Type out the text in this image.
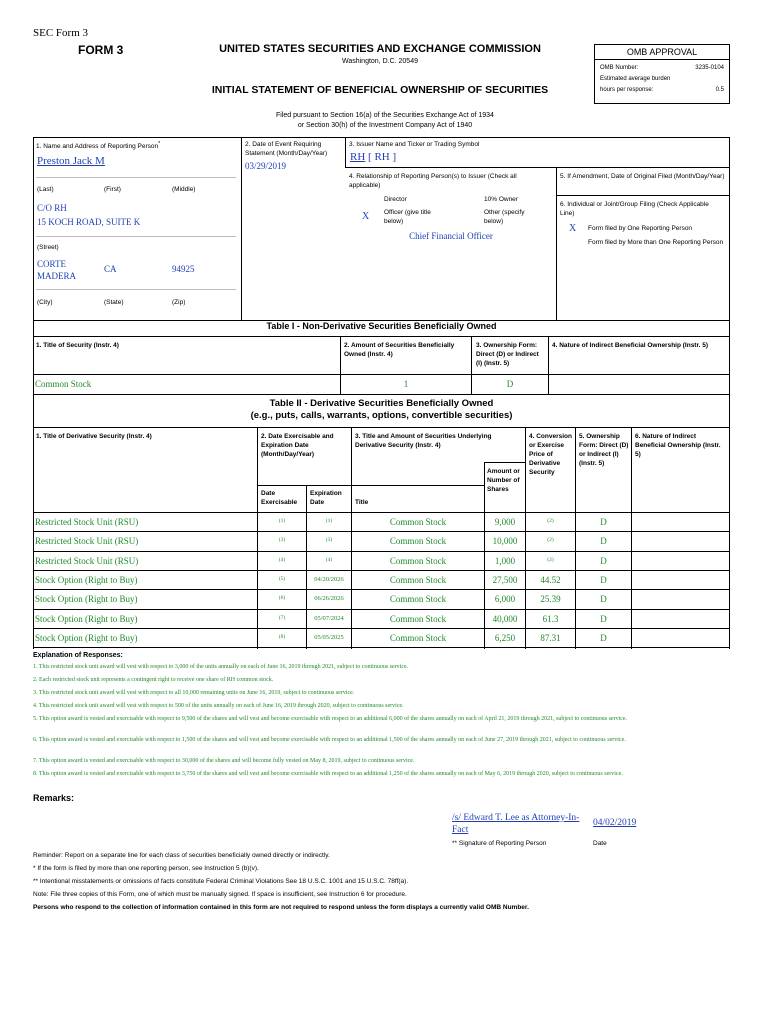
SEC Form 3
FORM 3	UNITED STATES SECURITIES AND EXCHANGE COMMISSION
Washington, D.C. 20549
INITIAL STATEMENT OF BENEFICIAL OWNERSHIP OF SECURITIES
Filed pursuant to Section 16(a) of the Securities Exchange Act of 1934
or Section 30(h) of the Investment Company Act of 1940
OMB APPROVAL
OMB Number:	3235-0104
Estimated average burden
hours per response:	0.5
1. Name and Address of Reporting Person*
Preston Jack M
(Last)	(First)	(Middle)
C/O RH
15 KOCH ROAD, SUITE K
(Street)
CORTE MADERA
CA	94925
(City)	(State)	(Zip)
2. Date of Event Requiring Statement (Month/Day/Year)
03/29/2019
3. Issuer Name and Ticker or Trading Symbol
RH [ RH ]
4. Relationship of Reporting Person(s) to Issuer (Check all applicable)
Director	10% Owner
X Officer (give title below)
Other (specify below)
Chief Financial Officer
5. If Amendment, Date of Original Filed (Month/Day/Year)
6. Individual or Joint/Group Filing (Check Applicable Line)
X Form filed by One Reporting Person
Form filed by More than One Reporting Person
Table I - Non-Derivative Securities Beneficially Owned
1. Title of Security (Instr. 4)	2. Amount of Securities Beneficially Owned (Instr. 4)
3. Ownership Form: Direct (D) or Indirect (I) (Instr. 5)
4. Nature of Indirect Beneficial Ownership (Instr. 5)
Common Stock	1	D
Table II - Derivative Securities Beneficially Owned
(e.g., puts, calls, warrants, options, convertible securities)
1. Title of Derivative Security (Instr. 4)	2. Date Exercisable and Expiration Date (Month/Day/Year)
3. Title and Amount of Securities Underlying Derivative Security (Instr. 4)
4. Conversion or Exercise Price of Derivative Security
5. Ownership Form: Direct (D) or Indirect (I) (Instr. 5)
6. Nature of Indirect Beneficial Ownership (Instr. 5)
Date Exercisable
Expiration Date	Title
Amount or Number of Shares
Restricted Stock Unit (RSU)	(1)	(1)	Common Stock	9,000	(2)	D
Restricted Stock Unit (RSU)	(3)	(3)	Common Stock	10,000	(2)	D
Restricted Stock Unit (RSU)	(4)	(4)	Common Stock	1,000	(2)	D
Stock Option (Right to Buy)	(5)	04/20/2026	Common Stock	27,500	44.52	D
Stock Option (Right to Buy)	(6)	06/26/2026	Common Stock	6,000	25.39	D
Stock Option (Right to Buy)	(7)	05/07/2024	Common Stock	40,000	61.3	D
Stock Option (Right to Buy)	(8)	05/05/2025	Common Stock	6,250	87.31	D
Explanation of Responses:
1. This restricted stock unit award will vest with respect to 3,000 of the units annually on each of June 16, 2019 through 2021, subject to continuous service.
2. Each restricted stock unit represents a contingent right to receive one share of RH common stock.
3. This restricted stock unit award will vest with respect to all 10,000 remaining units on June 16, 2019, subject to continuous service.
4. This restricted stock unit award will vest with respect to 500 of the units annually on each of June 16, 2019 through 2020, subject to continuous service.
5. This option award is vested and exercisable with respect to 9,500 of the shares and will vest and become exercisable with respect to an additional 6,000 of the shares annually on each of April 21, 2019 through 2021, subject to continuous service.
6. This option award is vested and exercisable with respect to 1,500 of the shares and will vest and become exercisable with respect to an additional 1,500 of the shares annually on each of June 27, 2019 through 2021, subject to continuous service.
7. This option award is vested and exercisable with respect to 30,000 of the shares and will become fully vested on May 8, 2019, subject to continuous service.
8. This option award is vested and exercisable with respect to 3,750 of the shares and will vest and become exercisable with respect to an additional 1,250 of the shares annually on each of May 6, 2019 through 2020, subject to continuous service.
Remarks:
/s/ Edward T. Lee as Attorney-In-Fact
04/02/2019
** Signature of Reporting Person	Date
Reminder: Report on a separate line for each class of securities beneficially owned directly or indirectly.
* If the form is filed by more than one reporting person, see Instruction 5 (b)(v).
** Intentional misstatements or omissions of facts constitute Federal Criminal Violations See 18 U.S.C. 1001 and 15 U.S.C. 78ff(a).
Note: File three copies of this Form, one of which must be manually signed. If space is insufficient, see Instruction 6 for procedure.
Persons who respond to the collection of information contained in this form are not required to respond unless the form displays a currently valid OMB Number.
